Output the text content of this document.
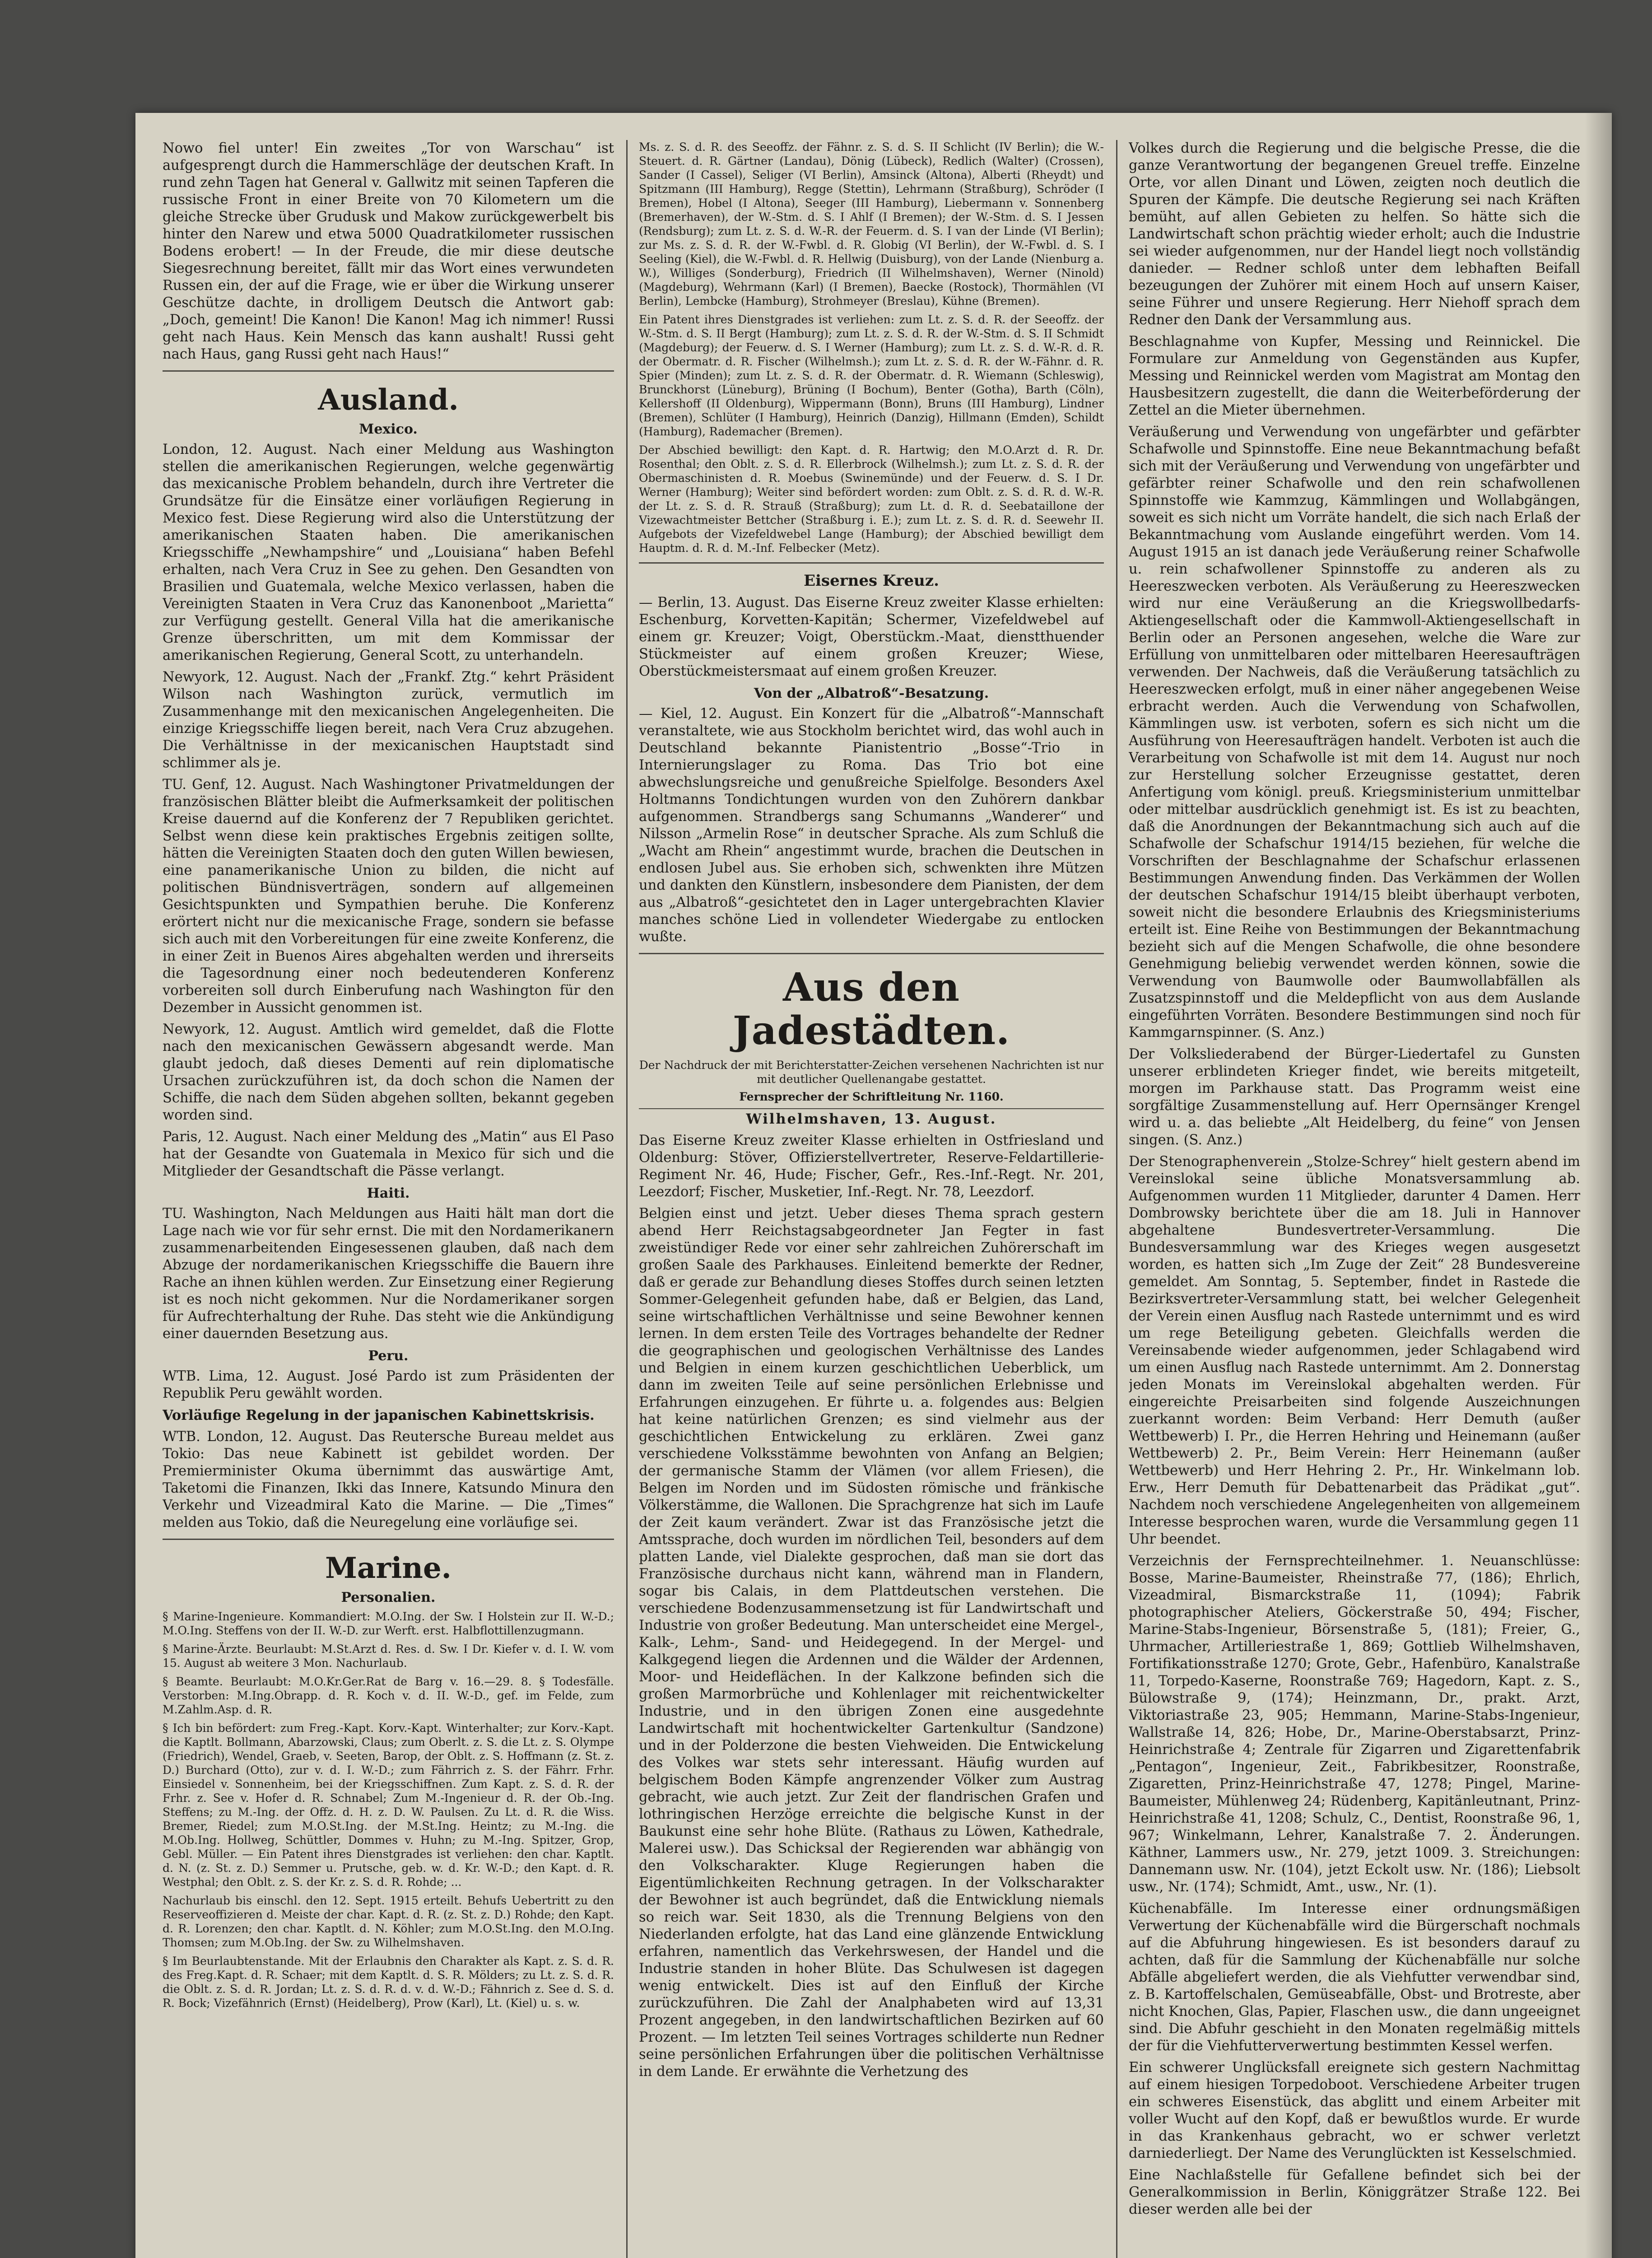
Nowo fiel unter! Ein zweites „Tor von Warschau“ ist aufgesprengt durch die Hammerschläge der deutschen Kraft. In rund zehn Tagen hat General v. Gallwitz mit seinen Tapferen die russische Front in einer Breite von 70 Kilometern um die gleiche Strecke über Grudusk und Makow zurückgewerbelt bis hinter den Narew und etwa 5000 Quadratkilometer russischen Bodens erobert! — In der Freude, die mir diese deutsche Siegesrechnung bereitet, fällt mir das Wort eines verwundeten Russen ein, der auf die Frage, wie er über die Wirkung unserer Geschütze dachte, in drolligem Deutsch die Antwort gab: „Doch, gemeint! Die Kanon! Die Kanon! Mag ich nimmer! Russi geht nach Haus. Kein Mensch das kann aushalt! Russi geht nach Haus, gang Russi geht nach Haus!“

Ausland.
Mexico.

London, 12. August. Nach einer Meldung aus Washington stellen die amerikanischen Regierungen, welche gegenwärtig das mexicanische Problem behandeln, durch ihre Vertreter die Grundsätze für die Einsätze einer vorläufigen Regierung in Mexico fest. Diese Regierung wird also die Unterstützung der amerikanischen Staaten haben. Die amerikanischen Kriegsschiffe „Newhampshire“ und „Louisiana“ haben Befehl erhalten, nach Vera Cruz in See zu gehen. Den Gesandten von Brasilien und Guatemala, welche Mexico verlassen, haben die Vereinigten Staaten in Vera Cruz das Kanonenboot „Marietta“ zur Verfügung gestellt. General Villa hat die amerikanische Grenze überschritten, um mit dem Kommissar der amerikanischen Regierung, General Scott, zu unterhandeln.

Newyork, 12. August. Nach der „Frankf. Ztg.“ kehrt Präsident Wilson nach Washington zurück, vermutlich im Zusammenhange mit den mexicanischen Angelegenheiten. Die einzige Kriegsschiffe liegen bereit, nach Vera Cruz abzugehen. Die Verhältnisse in der mexicanischen Hauptstadt sind schlimmer als je.

TU. Genf, 12. August. Nach Washingtoner Privatmeldungen der französischen Blätter bleibt die Aufmerksamkeit der politischen Kreise dauernd auf die Konferenz der 7 Republiken gerichtet. Selbst wenn diese kein praktisches Ergebnis zeitigen sollte, hätten die Vereinigten Staaten doch den guten Willen bewiesen, eine panamerikanische Union zu bilden, die nicht auf politischen Bündnisverträgen, sondern auf allgemeinen Gesichtspunkten und Sympathien beruhe. Die Konferenz erörtert nicht nur die mexicanische Frage, sondern sie befasse sich auch mit den Vorbereitungen für eine zweite Konferenz, die in einer Zeit in Buenos Aires abgehalten werden und ihrerseits die Tagesordnung einer noch bedeutenderen Konferenz vorbereiten soll durch Einberufung nach Washington für den Dezember in Aussicht genommen ist.

Newyork, 12. August. Amtlich wird gemeldet, daß die Flotte nach den mexicanischen Gewässern abgesandt werde. Man glaubt jedoch, daß dieses Dementi auf rein diplomatische Ursachen zurückzuführen ist, da doch schon die Namen der Schiffe, die nach dem Süden abgehen sollten, bekannt gegeben worden sind.

Paris, 12. August. Nach einer Meldung des „Matin“ aus El Paso hat der Gesandte von Guatemala in Mexico für sich und die Mitglieder der Gesandtschaft die Pässe verlangt.

Haiti.

TU. Washington, Nach Meldungen aus Haiti hält man dort die Lage nach wie vor für sehr ernst. Die mit den Nordamerikanern zusammenarbeitenden Eingesessenen glauben, daß nach dem Abzuge der nordamerikanischen Kriegsschiffe die Bauern ihre Rache an ihnen kühlen werden. Zur Einsetzung einer Regierung ist es noch nicht gekommen. Nur die Nordamerikaner sorgen für Aufrechterhaltung der Ruhe. Das steht wie die Ankündigung einer dauernden Besetzung aus.

Peru.

WTB. Lima, 12. August. José Pardo ist zum Präsidenten der Republik Peru gewählt worden.

Vorläufige Regelung in der japanischen Kabinettskrisis.

WTB. London, 12. August. Das Reutersche Bureau meldet aus Tokio: Das neue Kabinett ist gebildet worden. Der Premierminister Okuma übernimmt das auswärtige Amt, Taketomi die Finanzen, Ikki das Innere, Katsundo Minura den Verkehr und Vizeadmiral Kato die Marine. — Die „Times“ melden aus Tokio, daß die Neuregelung eine vorläufige sei.

Marine.
Personalien.

§ Marine-Ingenieure. Kommandiert: M.O.Ing. der Sw. I Holstein zur II. W.-D.; M.O.Ing. Steffens von der II. W.-D. zur Werft. erst. Halbflottillenzugmann.

§ Marine-Ärzte. Beurlaubt: M.St.Arzt d. Res. d. Sw. I Dr. Kiefer v. d. I. W. vom 15. August ab weitere 3 Mon. Nachurlaub.

§ Beamte. Beurlaubt: M.O.Kr.Ger.Rat de Barg v. 16.—29. 8. § Todesfälle. Verstorben: M.Ing.Obrapp. d. R. Koch v. d. II. W.-D., gef. im Felde, zum M.Zahlm.Asp. d. R.

§ Ich bin befördert: zum Freg.-Kapt. Korv.-Kapt. Winterhalter; zur Korv.-Kapt. die Kaptlt. Bollmann, Abarzowski, Claus; zum Oberlt. z. S. die Lt. z. S. Olympe (Friedrich), Wendel, Graeb, v. Seeten, Barop, der Oblt. z. S. Hoffmann (z. St. z. D.) Burchard (Otto), zur v. d. I. W.-D.; zum Fährrich z. S. der Fährr. Frhr. Einsiedel v. Sonnenheim, bei der Kriegsschiffnen. Zum Kapt. z. S. d. R. der Frhr. z. See v. Hofer d. R. Schnabel; Zum M.-Ingenieur d. R. der Ob.-Ing. Steffens; zu M.-Ing. der Offz. d. H. z. D. W. Paulsen. Zu Lt. d. R. die Wiss. Bremer, Riedel; zum M.O.St.Ing. der M.St.Ing. Heintz; zu M.-Ing. die M.Ob.Ing. Hollweg, Schüttler, Dommes v. Huhn; zu M.-Ing. Spitzer, Grop, Gebl. Müller. — Ein Patent ihres Dienstgrades ist verliehen: den char. Kaptlt. d. N. (z. St. z. D.) Semmer u. Prutsche, geb. w. d. Kr. W.-D.; den Kapt. d. R. Westphal; den Oblt. z. S. der Kr. z. S. d. R. Rohde; ...

Nachurlaub bis einschl. den 12. Sept. 1915 erteilt. Behufs Uebertritt zu den Reserveoffizieren d. Meiste der char. Kapt. d. R. (z. St. z. D.) Rohde; den Kapt. d. R. Lorenzen; den char. Kaptlt. d. N. Köhler; zum M.O.St.Ing. den M.O.Ing. Thomsen; zum M.Ob.Ing. der Sw. zu Wilhelmshaven.

§ Im Beurlaubtenstande. Mit der Erlaubnis den Charakter als Kapt. z. S. d. R. des Freg.Kapt. d. R. Schaer; mit dem Kaptlt. d. S. R. Mölders; zu Lt. z. S. d. R. die Oblt. z. S. d. R. Jordan; Lt. z. S. d. R. d. v. d. W.-D.; Fähnrich z. See d. S. d. R. Bock; Vizefähnrich (Ernst) (Heidelberg), Prow (Karl), Lt. (Kiel) u. s. w.

Ms. z. S. d. R. des Seeoffz. der Fähnr. z. S. d. S. II Schlicht (IV Berlin); die W.-Steuert. d. R. Gärtner (Landau), Dönig (Lübeck), Redlich (Walter) (Crossen), Sander (I Cassel), Seliger (VI Berlin), Amsinck (Altona), Alberti (Rheydt) und Spitzmann (III Hamburg), Regge (Stettin), Lehrmann (Straßburg), Schröder (I Bremen), Hobel (I Altona), Seeger (III Hamburg), Liebermann v. Sonnenberg (Bremerhaven), der W.-Stm. d. S. I Ahlf (I Bremen); der W.-Stm. d. S. I Jessen (Rendsburg); zum Lt. z. S. d. W.-R. der Feuerm. d. S. I van der Linde (VI Berlin); zur Ms. z. S. d. R. der W.-Fwbl. d. R. Globig (VI Berlin), der W.-Fwbl. d. S. I Seeling (Kiel), die W.-Fwbl. d. R. Hellwig (Duisburg), von der Lande (Nienburg a. W.), Williges (Sonderburg), Friedrich (II Wilhelmshaven), Werner (Ninold) (Magdeburg), Wehrmann (Karl) (I Bremen), Baecke (Rostock), Thormählen (VI Berlin), Lembcke (Hamburg), Strohmeyer (Breslau), Kühne (Bremen).

Ein Patent ihres Dienstgrades ist verliehen: zum Lt. z. S. d. R. der Seeoffz. der W.-Stm. d. S. II Bergt (Hamburg); zum Lt. z. S. d. R. der W.-Stm. d. S. II Schmidt (Magdeburg); der Feuerw. d. S. I Werner (Hamburg); zum Lt. z. S. d. W.-R. d. R. der Obermatr. d. R. Fischer (Wilhelmsh.); zum Lt. z. S. d. R. der W.-Fähnr. d. R. Spier (Minden); zum Lt. z. S. d. R. der Obermatr. d. R. Wiemann (Schleswig), Brunckhorst (Lüneburg), Brüning (I Bochum), Benter (Gotha), Barth (Cöln), Kellershoff (II Oldenburg), Wippermann (Bonn), Bruns (III Hamburg), Lindner (Bremen), Schlüter (I Hamburg), Heinrich (Danzig), Hillmann (Emden), Schildt (Hamburg), Rademacher (Bremen).

Der Abschied bewilligt: den Kapt. d. R. Hartwig; den M.O.Arzt d. R. Dr. Rosenthal; den Oblt. z. S. d. R. Ellerbrock (Wilhelmsh.); zum Lt. z. S. d. R. der Obermaschinisten d. R. Moebus (Swinemünde) und der Feuerw. d. S. I Dr. Werner (Hamburg); Weiter sind befördert worden: zum Oblt. z. S. d. R. d. W.-R. der Lt. z. S. d. R. Strauß (Straßburg); zum Lt. d. R. d. Seebataillone der Vizewachtmeister Bettcher (Straßburg i. E.); zum Lt. z. S. d. R. d. Seewehr II. Aufgebots der Vizefeldwebel Lange (Hamburg); der Abschied bewilligt dem Hauptm. d. R. d. M.-Inf. Felbecker (Metz).

Eisernes Kreuz.

— Berlin, 13. August. Das Eiserne Kreuz zweiter Klasse erhielten: Eschenburg, Korvetten-Kapitän; Schermer, Vizefeldwebel auf einem gr. Kreuzer; Voigt, Oberstückm.-Maat, dienstthuender Stückmeister auf einem großen Kreuzer; Wiese, Oberstückmeistersmaat auf einem großen Kreuzer.

Von der „Albatroß“-Besatzung.

— Kiel, 12. August. Ein Konzert für die „Albatroß“-Mannschaft veranstaltete, wie aus Stockholm berichtet wird, das wohl auch in Deutschland bekannte Pianistentrio „Bosse“-Trio in Internierungslager zu Roma. Das Trio bot eine abwechslungsreiche und genußreiche Spielfolge. Besonders Axel Holtmanns Tondichtungen wurden von den Zuhörern dankbar aufgenommen. Strandbergs sang Schumanns „Wanderer“ und Nilsson „Armelin Rose“ in deutscher Sprache. Als zum Schluß die „Wacht am Rhein“ angestimmt wurde, brachen die Deutschen in endlosen Jubel aus. Sie erhoben sich, schwenkten ihre Mützen und dankten den Künstlern, insbesondere dem Pianisten, der dem aus „Albatroß“-gesichtetet den in Lager untergebrachten Klavier manches schöne Lied in vollendeter Wiedergabe zu entlocken wußte.

Aus den Jadestädten.

Der Nachdruck der mit Berichterstatter-Zeichen versehenen Nachrichten ist nur mit deutlicher Quellenangabe gestattet.

Fernsprecher der Schriftleitung Nr. 1160.

Wilhelmshaven, 13. August.

Das Eiserne Kreuz zweiter Klasse erhielten in Ostfriesland und Oldenburg: Stöver, Offizierstellvertreter, Reserve-Feldartillerie-Regiment Nr. 46, Hude; Fischer, Gefr., Res.-Inf.-Regt. Nr. 201, Leezdorf; Fischer, Musketier, Inf.-Regt. Nr. 78, Leezdorf.

Belgien einst und jetzt. Ueber dieses Thema sprach gestern abend Herr Reichstagsabgeordneter Jan Fegter in fast zweistündiger Rede vor einer sehr zahlreichen Zuhörerschaft im großen Saale des Parkhauses. Einleitend bemerkte der Redner, daß er gerade zur Behandlung dieses Stoffes durch seinen letzten Sommer-Gelegenheit gefunden habe, daß er Belgien, das Land, seine wirtschaftlichen Verhältnisse und seine Bewohner kennen lernen. In dem ersten Teile des Vortrages behandelte der Redner die geographischen und geologischen Verhältnisse des Landes und Belgien in einem kurzen geschichtlichen Ueberblick, um dann im zweiten Teile auf seine persönlichen Erlebnisse und Erfahrungen einzugehen. Er führte u. a. folgendes aus: Belgien hat keine natürlichen Grenzen; es sind vielmehr aus der geschichtlichen Entwickelung zu erklären. Zwei ganz verschiedene Volksstämme bewohnten von Anfang an Belgien; der germanische Stamm der Vlämen (vor allem Friesen), die Belgen im Norden und im Südosten römische und fränkische Völkerstämme, die Wallonen. Die Sprachgrenze hat sich im Laufe der Zeit kaum verändert. Zwar ist das Französische jetzt die Amtssprache, doch wurden im nördlichen Teil, besonders auf dem platten Lande, viel Dialekte gesprochen, daß man sie dort das Französische durchaus nicht kann, während man in Flandern, sogar bis Calais, in dem Plattdeutschen verstehen. Die verschiedene Bodenzusammensetzung ist für Landwirtschaft und Industrie von großer Bedeutung. Man unterscheidet eine Mergel-, Kalk-, Lehm-, Sand- und Heidegegend. In der Mergel- und Kalkgegend liegen die Ardennen und die Wälder der Ardennen, Moor- und Heideflächen. In der Kalkzone befinden sich die großen Marmorbrüche und Kohlenlager mit reichentwickelter Industrie, und in den übrigen Zonen eine ausgedehnte Landwirtschaft mit hochentwickelter Gartenkultur (Sandzone) und in der Polderzone die besten Viehweiden. Die Entwickelung des Volkes war stets sehr interessant. Häufig wurden auf belgischem Boden Kämpfe angrenzender Völker zum Austrag gebracht, wie auch jetzt. Zur Zeit der flandrischen Grafen und lothringischen Herzöge erreichte die belgische Kunst in der Baukunst eine sehr hohe Blüte. (Rathaus zu Löwen, Kathedrale, Malerei usw.). Das Schicksal der Regierenden war abhängig von den Volkscharakter. Kluge Regierungen haben die Eigentümlichkeiten Rechnung getragen. In der Volkscharakter der Bewohner ist auch begründet, daß die Entwicklung niemals so reich war. Seit 1830, als die Trennung Belgiens von den Niederlanden erfolgte, hat das Land eine glänzende Entwicklung erfahren, namentlich das Verkehrswesen, der Handel und die Industrie standen in hoher Blüte. Das Schulwesen ist dagegen wenig entwickelt. Dies ist auf den Einfluß der Kirche zurückzuführen. Die Zahl der Analphabeten wird auf 13,31 Prozent angegeben, in den landwirtschaftlichen Bezirken auf 60 Prozent. — Im letzten Teil seines Vortrages schilderte nun Redner seine persönlichen Erfahrungen über die politischen Verhältnisse in dem Lande. Er erwähnte die Verhetzung des

Volkes durch die Regierung und die belgische Presse, die die ganze Verantwortung der begangenen Greuel treffe. Einzelne Orte, vor allen Dinant und Löwen, zeigten noch deutlich die Spuren der Kämpfe. Die deutsche Regierung sei nach Kräften bemüht, auf allen Gebieten zu helfen. So hätte sich die Landwirtschaft schon prächtig wieder erholt; auch die Industrie sei wieder aufgenommen, nur der Handel liegt noch vollständig danieder. — Redner schloß unter dem lebhaften Beifall bezeugungen der Zuhörer mit einem Hoch auf unsern Kaiser, seine Führer und unsere Regierung. Herr Niehoff sprach dem Redner den Dank der Versammlung aus.

Beschlagnahme von Kupfer, Messing und Reinnickel. Die Formulare zur Anmeldung von Gegenständen aus Kupfer, Messing und Reinnickel werden vom Magistrat am Montag den Hausbesitzern zugestellt, die dann die Weiterbeförderung der Zettel an die Mieter übernehmen.

Veräußerung und Verwendung von ungefärbter und gefärbter Schafwolle und Spinnstoffe. Eine neue Bekanntmachung befaßt sich mit der Veräußerung und Verwendung von ungefärbter und gefärbter reiner Schafwolle und den rein schafwollenen Spinnstoffe wie Kammzug, Kämmlingen und Wollabgängen, soweit es sich nicht um Vorräte handelt, die sich nach Erlaß der Bekanntmachung vom Auslande eingeführt werden. Vom 14. August 1915 an ist danach jede Veräußerung reiner Schafwolle u. rein schafwollener Spinnstoffe zu anderen als zu Heereszwecken verboten. Als Veräußerung zu Heereszwecken wird nur eine Veräußerung an die Kriegswollbedarfs-Aktiengesellschaft oder die Kammwoll-Aktiengesellschaft in Berlin oder an Personen angesehen, welche die Ware zur Erfüllung von unmittelbaren oder mittelbaren Heeresaufträgen verwenden. Der Nachweis, daß die Veräußerung tatsächlich zu Heereszwecken erfolgt, muß in einer näher angegebenen Weise erbracht werden. Auch die Verwendung von Schafwollen, Kämmlingen usw. ist verboten, sofern es sich nicht um die Ausführung von Heeresaufträgen handelt. Verboten ist auch die Verarbeitung von Schafwolle ist mit dem 14. August nur noch zur Herstellung solcher Erzeugnisse gestattet, deren Anfertigung vom königl. preuß. Kriegsministerium unmittelbar oder mittelbar ausdrücklich genehmigt ist. Es ist zu beachten, daß die Anordnungen der Bekanntmachung sich auch auf die Schafwolle der Schafschur 1914/15 beziehen, für welche die Vorschriften der Beschlagnahme der Schafschur erlassenen Bestimmungen Anwendung finden. Das Verkämmen der Wollen der deutschen Schafschur 1914/15 bleibt überhaupt verboten, soweit nicht die besondere Erlaubnis des Kriegsministeriums erteilt ist. Eine Reihe von Bestimmungen der Bekanntmachung bezieht sich auf die Mengen Schafwolle, die ohne besondere Genehmigung beliebig verwendet werden können, sowie die Verwendung von Baumwolle oder Baumwollabfällen als Zusatzspinnstoff und die Meldepflicht von aus dem Auslande eingeführten Vorräten. Besondere Bestimmungen sind noch für Kammgarnspinner. (S. Anz.)

Der Volksliederabend der Bürger-Liedertafel zu Gunsten unserer erblindeten Krieger findet, wie bereits mitgeteilt, morgen im Parkhause statt. Das Programm weist eine sorgfältige Zusammenstellung auf. Herr Opernsänger Krengel wird u. a. das beliebte „Alt Heidelberg, du feine“ von Jensen singen. (S. Anz.)

Der Stenographenverein „Stolze-Schrey“ hielt gestern abend im Vereinslokal seine übliche Monatsversammlung ab. Aufgenommen wurden 11 Mitglieder, darunter 4 Damen. Herr Dombrowsky berichtete über die am 18. Juli in Hannover abgehaltene Bundesvertreter-Versammlung. Die Bundesversammlung war des Krieges wegen ausgesetzt worden, es hatten sich „Im Zuge der Zeit“ 28 Bundesvereine gemeldet. Am Sonntag, 5. September, findet in Rastede die Bezirksvertreter-Versammlung statt, bei welcher Gelegenheit der Verein einen Ausflug nach Rastede unternimmt und es wird um rege Beteiligung gebeten. Gleichfalls werden die Vereinsabende wieder aufgenommen, jeder Schlagabend wird um einen Ausflug nach Rastede unternimmt. Am 2. Donnerstag jeden Monats im Vereinslokal abgehalten werden. Für eingereichte Preisarbeiten sind folgende Auszeichnungen zuerkannt worden: Beim Verband: Herr Demuth (außer Wettbewerb) I. Pr., die Herren Hehring und Heinemann (außer Wettbewerb) 2. Pr., Beim Verein: Herr Heinemann (außer Wettbewerb) und Herr Hehring 2. Pr., Hr. Winkelmann lob. Erw., Herr Demuth für Debattenarbeit das Prädikat „gut“. Nachdem noch verschiedene Angelegenheiten von allgemeinem Interesse besprochen waren, wurde die Versammlung gegen 11 Uhr beendet.

Verzeichnis der Fernsprechteilnehmer. 1. Neuanschlüsse: Bosse, Marine-Baumeister, Rheinstraße 77, (186); Ehrlich, Vizeadmiral, Bismarckstraße 11, (1094); Fabrik photographischer Ateliers, Göckerstraße 50, 494; Fischer, Marine-Stabs-Ingenieur, Börsenstraße 5, (181); Freier, G., Uhrmacher, Artilleriestraße 1, 869; Gottlieb Wilhelmshaven, Fortifikationsstraße 1270; Grote, Gebr., Hafenbüro, Kanalstraße 11, Torpedo-Kaserne, Roonstraße 769; Hagedorn, Kapt. z. S., Bülowstraße 9, (174); Heinzmann, Dr., prakt. Arzt, Viktoriastraße 23, 905; Hemmann, Marine-Stabs-Ingenieur, Wallstraße 14, 826; Hobe, Dr., Marine-Oberstabsarzt, Prinz-Heinrichstraße 4; Zentrale für Zigarren und Zigarettenfabrik „Pentagon“, Ingenieur, Zeit., Fabrikbesitzer, Roonstraße, Zigaretten, Prinz-Heinrichstraße 47, 1278; Pingel, Marine-Baumeister, Mühlenweg 24; Rüdenberg, Kapitänleutnant, Prinz-Heinrichstraße 41, 1208; Schulz, C., Dentist, Roonstraße 96, 1, 967; Winkelmann, Lehrer, Kanalstraße 7. 2. Änderungen. Käthner, Lammers usw., Nr. 279, jetzt 1009. 3. Streichungen: Dannemann usw. Nr. (104), jetzt Eckolt usw. Nr. (186); Liebsolt usw., Nr. (174); Schmidt, Amt., usw., Nr. (1).

Küchenabfälle. Im Interesse einer ordnungsmäßigen Verwertung der Küchenabfälle wird die Bürgerschaft nochmals auf die Abfuhrung hingewiesen. Es ist besonders darauf zu achten, daß für die Sammlung der Küchenabfälle nur solche Abfälle abgeliefert werden, die als Viehfutter verwendbar sind, z. B. Kartoffelschalen, Gemüseabfälle, Obst- und Brotreste, aber nicht Knochen, Glas, Papier, Flaschen usw., die dann ungeeignet sind. Die Abfuhr geschieht in den Monaten regelmäßig mittels der für die Viehfutterverwertung bestimmten Kessel werfen.

Ein schwerer Unglücksfall ereignete sich gestern Nachmittag auf einem hiesigen Torpedoboot. Verschiedene Arbeiter trugen ein schweres Eisenstück, das abglitt und einem Arbeiter mit voller Wucht auf den Kopf, daß er bewußtlos wurde. Er wurde in das Krankenhaus gebracht, wo er schwer verletzt darniederliegt. Der Name des Verunglückten ist Kesselschmied.

Eine Nachlaßstelle für Gefallene befindet sich bei der Generalkommission in Berlin, Königgrätzer Straße 122. Bei dieser werden alle bei der
